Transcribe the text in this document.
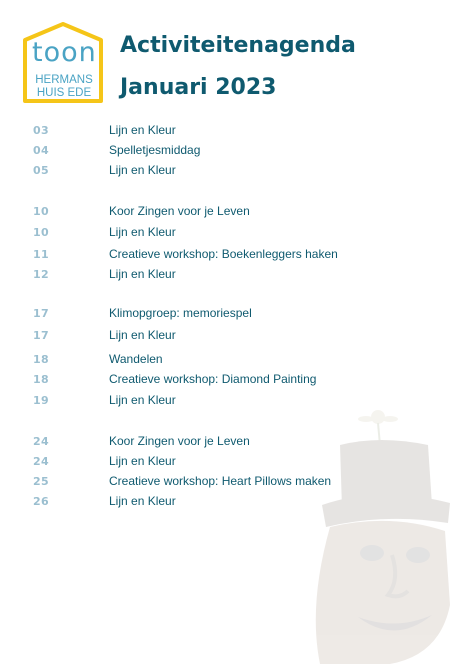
toon
HERMANS
HUIS EDE
Activiteitenagenda
Januari 2023
03	Lijn en Kleur
04	Spelletjesmiddag
05	Lijn en Kleur
10	Koor Zingen voor je Leven
10	Lijn en Kleur
11	Creatieve workshop: Boekenleggers haken
12	Lijn en Kleur
17	Klimopgroep: memoriespel
17	Lijn en Kleur
18	Wandelen
18	Creatieve workshop: Diamond Painting
19	Lijn en Kleur
24	Koor Zingen voor je Leven
24	Lijn en Kleur
25	Creatieve workshop: Heart Pillows maken
26	Lijn en Kleur
